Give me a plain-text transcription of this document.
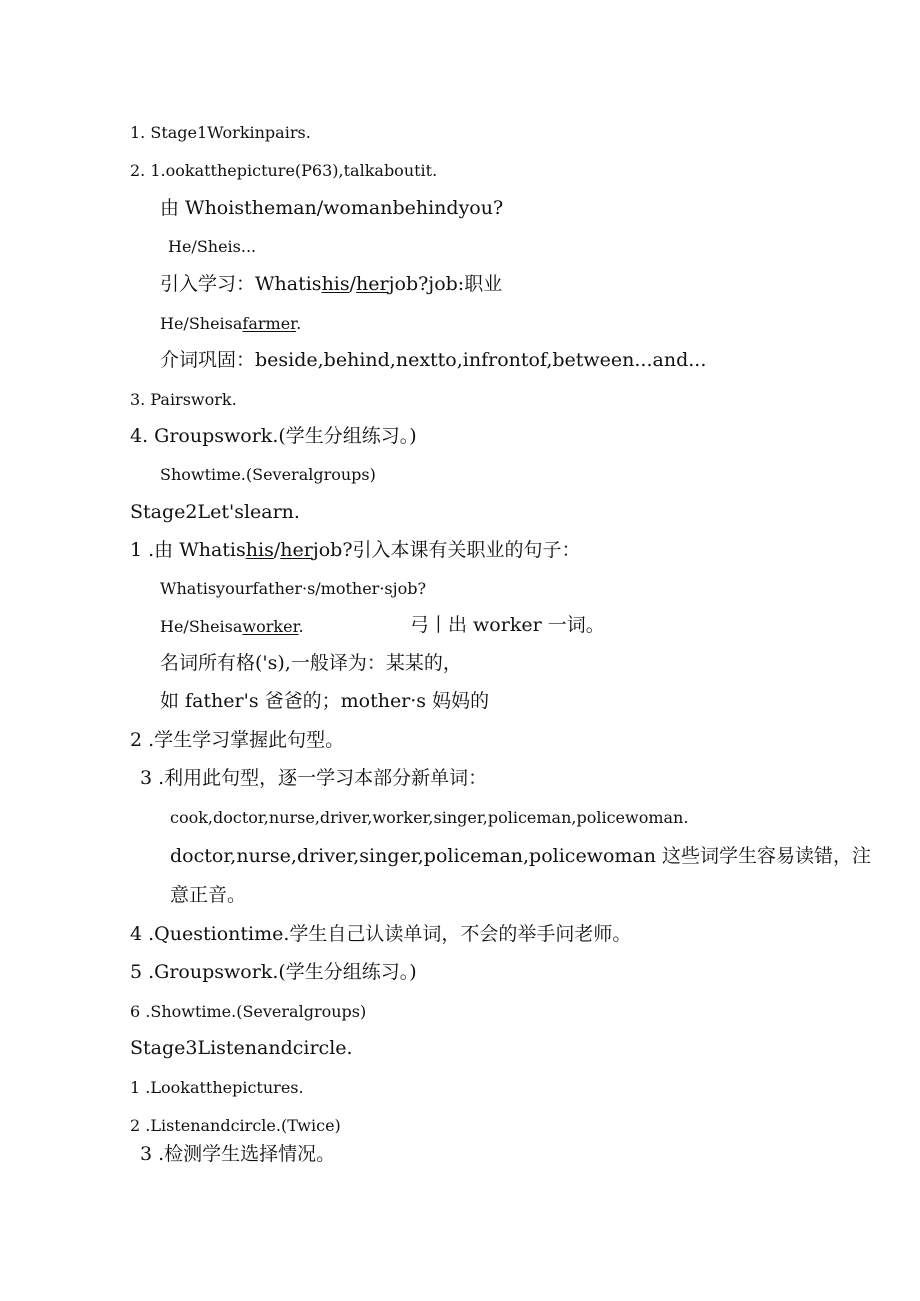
1. Stage1Workinpairs.
2. 1.ookatthepicture(P63),talkaboutit.
由 Whoistheman/womanbehindyou?
He/Sheis...
引入学习：Whatishis/herjob?job:职业
He/Sheisafarmer.
介词巩固：beside,behind,nextto,infrontof,between...and...
3. Pairswork.
4. Groupswork.(学生分组练习。)
Showtime.(Severalgroups)
Stage2Let'slearn.
1 .由 Whatishis/herjob?引入本课有关职业的句子：
Whatisyourfather·s/mother·sjob?
He/Sheisaworker.	弓丨出 worker 一词。
名词所有格('s),一般译为：某某的，
如 father's 爸爸的；mother·s 妈妈的
2 .学生学习掌握此句型。
3 .利用此句型，逐一学习本部分新单词：
cook,doctor,nurse,driver,worker,singer,policeman,policewoman.
doctor,nurse,driver,singer,policeman,policewoman 这些词学生容易读错，注
意正音。
4 .Questiontime.学生自己认读单词，不会的举手问老师。
5 .Groupswork.(学生分组练习。)
6 .Showtime.(Severalgroups)
Stage3Listenandcircle.
1 .Lookatthepictures.
2 .Listenandcircle.(Twice)
3 .检测学生选择情况。
